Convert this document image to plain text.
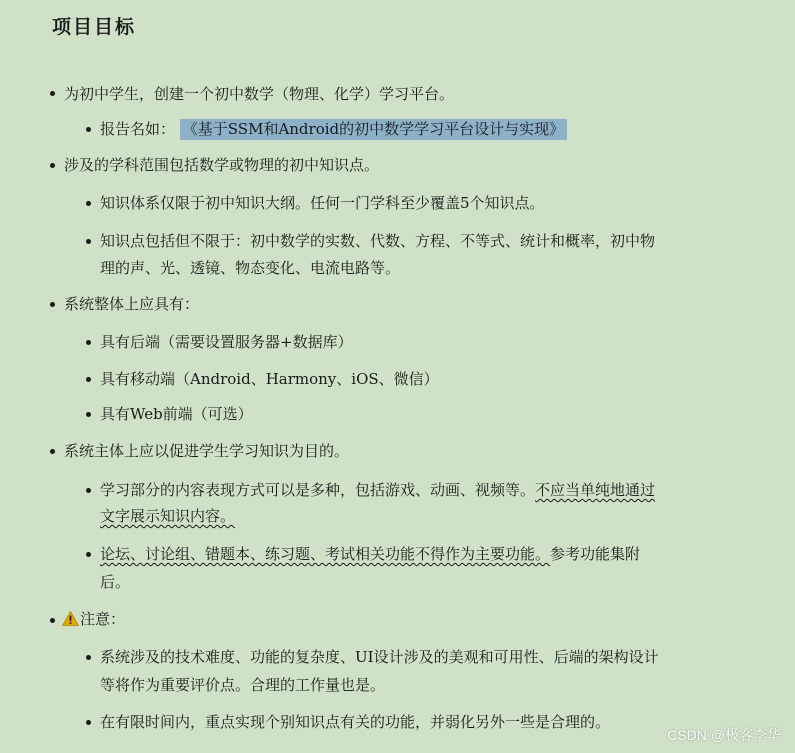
项目目标
为初中学生，创建一个初中数学（物理、化学）学习平台。
报告名如： 《基于SSM和Android的初中数学学习平台设计与实现》
涉及的学科范围包括数学或物理的初中知识点。
知识体系仅限于初中知识大纲。任何一门学科至少覆盖5个知识点。
知识点包括但不限于：初中数学的实数、代数、方程、不等式、统计和概率，初中物
理的声、光、透镜、物态变化、电流电路等。
系统整体上应具有：
具有后端（需要设置服务器+数据库）
具有移动端（Android、Harmony、iOS、微信）
具有Web前端（可选）
系统主体上应以促进学生学习知识为目的。
学习部分的内容表现方式可以是多种，包括游戏、动画、视频等。不应当单纯地通过
文字展示知识内容。
论坛、讨论组、错题本、练习题、考试相关功能不得作为主要功能。参考功能集附
后。
注意：
系统涉及的技术难度、功能的复杂度、UI设计涉及的美观和可用性、后端的架构设计
等将作为重要评价点。合理的工作量也是。
在有限时间内，重点实现个别知识点有关的功能，并弱化另外一些是合理的。
CSDN @极客李华
